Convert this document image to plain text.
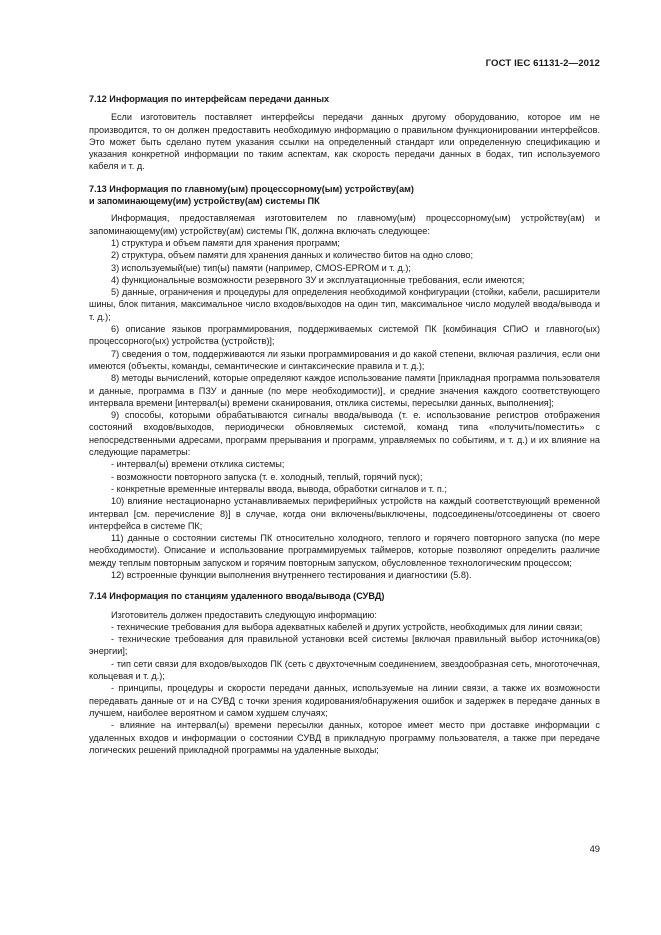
ГОСТ IEC 61131-2—2012
7.12 Информация по интерфейсам передачи данных

Если изготовитель поставляет интерфейсы передачи данных другому оборудованию, которое им не производится, то он должен предоставить необходимую информацию о правильном функционировании интерфейсов. Это может быть сделано путем указания ссылки на определенный стандарт или определенную спецификацию и указания конкретной информации по таким аспектам, как скорость передачи данных в бодах, тип используемого кабеля и т. д.

7.13 Информация по главному(ым) процессорному(ым) устройству(ам)
и запоминающему(им) устройству(ам) системы ПК

Информация, предоставляемая изготовителем по главному(ым) процессорному(ым) устройству(ам) и запоминающему(им) устройству(ам) системы ПК, должна включать следующее:

1) структура и объем памяти для хранения программ;

2) структура, объем памяти для хранения данных и количество битов на одно слово;

3) используемый(ые) тип(ы) памяти (например, CMOS-EPROM и т. д.);

4) функциональные возможности резервного ЗУ и эксплуатационные требования, если имеются;

5) данные, ограничения и процедуры для определения необходимой конфигурации (стойки, кабели, расширители шины, блок питания, максимальное число входов/выходов на один тип, максимальное число модулей ввода/вывода и т. д.);

6) описание языков программирования, поддерживаемых системой ПК [комбинация СПиО и главного(ых) процессорного(ых) устройства (устройств)];

7) сведения о том, поддерживаются ли языки программирования и до какой степени, включая различия, если они имеются (объекты, команды, семантические и синтаксические правила и т. д.);

8) методы вычислений, которые определяют каждое использование памяти [прикладная программа пользователя и данные, программа в ПЗУ и данные (по мере необходимости)], и средние значения каждого соответствующего интервала времени [интервал(ы) времени сканирования, отклика системы, пересылки данных, выполнения];

9) способы, которыми обрабатываются сигналы ввода/вывода (т. е. использование регистров отображения состояний входов/выходов, периодически обновляемых системой, команд типа «получить/поместить» с непосредственными адресами, программ прерывания и программ, управляемых по событиям, и т. д.) и их влияние на следующие параметры:

- интервал(ы) времени отклика системы;

- возможности повторного запуска (т. е. холодный, теплый, горячий пуск);

- конкретные временные интервалы ввода, вывода, обработки сигналов и т. п.;

10) влияние нестационарно устанавливаемых периферийных устройств на каждый соответствующий временной интервал [см. перечисление 8)] в случае, когда они включены/выключены, подсоединены/отсоединены от своего интерфейса в системе ПК;

11) данные о состоянии системы ПК относительно холодного, теплого и горячего повторного запуска (по мере необходимости). Описание и использование программируемых таймеров, которые позволяют определить различие между теплым повторным запуском и горячим повторным запуском, обусловленное технологическим процессом;

12) встроенные функции выполнения внутреннего тестирования и диагностики (5.8).

7.14 Информация по станциям удаленного ввода/вывода (СУВД)

Изготовитель должен предоставить следующую информацию:

- технические требования для выбора адекватных кабелей и других устройств, необходимых для линии связи;

- технические требования для правильной установки всей системы [включая правильный выбор источника(ов) энергии];

- тип сети связи для входов/выходов ПК (сеть с двухточечным соединением, звездообразная сеть, многоточечная, кольцевая и т. д.);

- принципы, процедуры и скорости передачи данных, используемые на линии связи, а также их возможности передавать данные от и на СУВД с точки зрения кодирования/обнаружения ошибок и задержек в передаче данных в лучшем, наиболее вероятном и самом худшем случаях;

- влияние на интервал(ы) времени пересылки данных, которое имеет место при доставке информации с удаленных входов и информации о состоянии СУВД в прикладную программу пользователя, а также при передаче логических решений прикладной программы на удаленные выходы;

49
